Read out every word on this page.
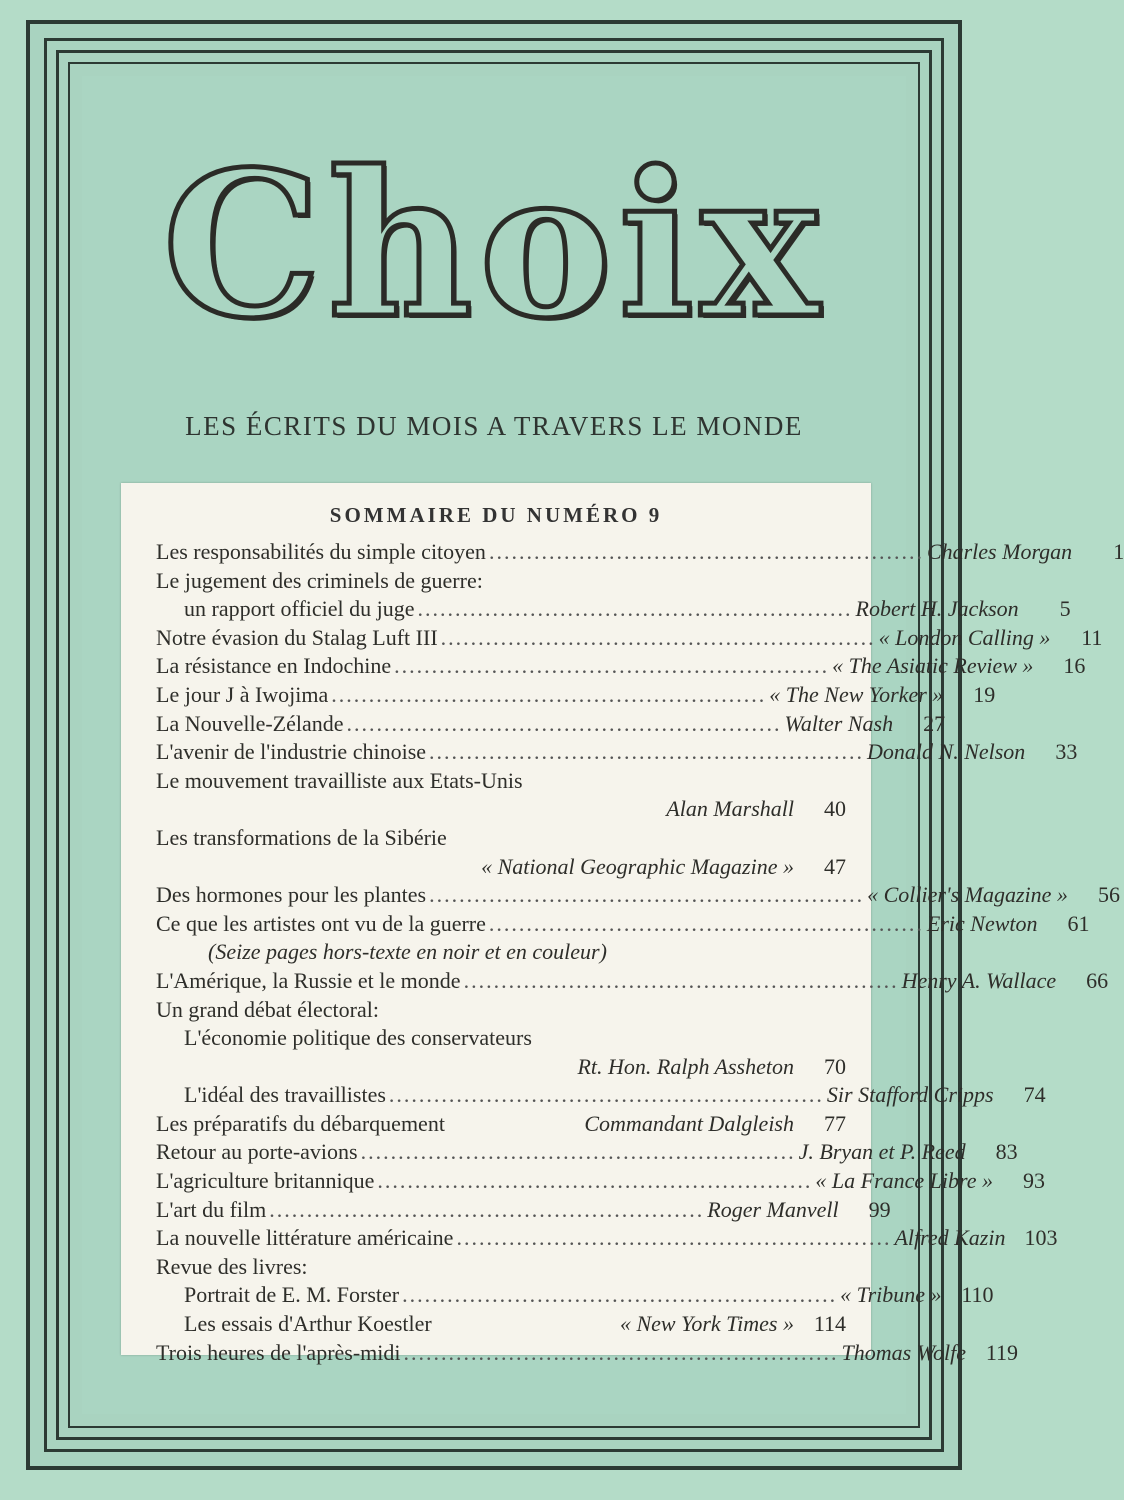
Choix
LES ÉCRITS DU MOIS A TRAVERS LE MONDE
SOMMAIRE DU NUMÉRO 9
Les responsabilités du simple citoyen .......................................................... Charles Morgan	1
Le jugement des criminels de guerre:
un rapport officiel du juge .......................................................... Robert H. Jackson	5
Notre évasion du Stalag Luft III .......................................................... « London Calling »	11
La résistance en Indochine .......................................................... « The Asiatic Review »	16
Le jour J à Iwojima .......................................................... « The New Yorker »	19
La Nouvelle-Zélande .......................................................... Walter Nash	27
L'avenir de l'industrie chinoise .......................................................... Donald N. Nelson	33
Le mouvement travailliste aux Etats-Unis
Alan Marshall	40
Les transformations de la Sibérie
« National Geographic Magazine »	47
Des hormones pour les plantes .......................................................... « Collier's Magazine »	56
Ce que les artistes ont vu de la guerre .......................................................... Eric Newton	61
(Seize pages hors-texte en noir et en couleur)
L'Amérique, la Russie et le monde .......................................................... Henry A. Wallace	66
Un grand débat électoral:
L'économie politique des conservateurs
Rt. Hon. Ralph Assheton	70
L'idéal des travaillistes .......................................................... Sir Stafford Cripps	74
Les préparatifs du débarquement	Commandant Dalgleish	77
Retour au porte-avions .......................................................... J. Bryan et P. Reed	83
L'agriculture britannique .......................................................... « La France Libre »	93
L'art du film .......................................................... Roger Manvell	99
La nouvelle littérature américaine .......................................................... Alfred Kazin 103
Revue des livres:
Portrait de E. M. Forster .......................................................... « Tribune » 110
Les essais d'Arthur Koestler	« New York Times » 114
Trois heures de l'après-midi .......................................................... Thomas Wolfe 119
